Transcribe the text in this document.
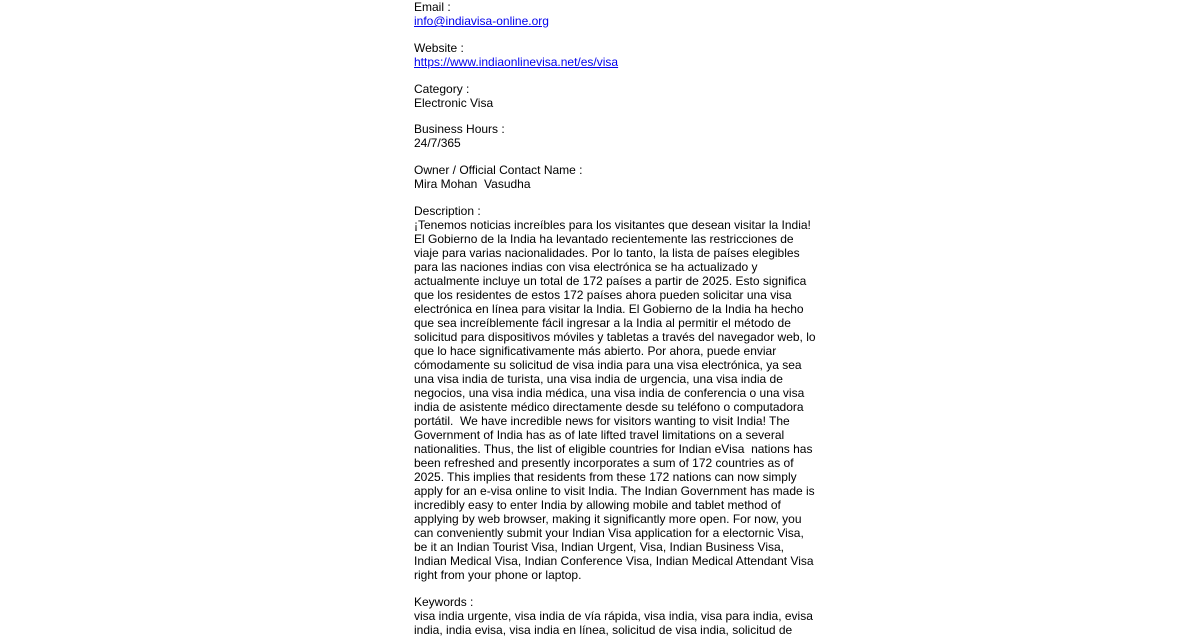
Email :
info@indiavisa-online.org
Website :
https://www.indiaonlinevisa.net/es/visa
Category :
Electronic Visa
Business Hours :
24/7/365
Owner / Official Contact Name :
Mira Mohan  Vasudha
Description :
¡Tenemos noticias increíbles para los visitantes que desean visitar la India!
El Gobierno de la India ha levantado recientemente las restricciones de
viaje para varias nacionalidades. Por lo tanto, la lista de países elegibles
para las naciones indias con visa electrónica se ha actualizado y
actualmente incluye un total de 172 países a partir de 2025. Esto significa
que los residentes de estos 172 países ahora pueden solicitar una visa
electrónica en línea para visitar la India. El Gobierno de la India ha hecho
que sea increíblemente fácil ingresar a la India al permitir el método de
solicitud para dispositivos móviles y tabletas a través del navegador web, lo
que lo hace significativamente más abierto. Por ahora, puede enviar
cómodamente su solicitud de visa india para una visa electrónica, ya sea
una visa india de turista, una visa india de urgencia, una visa india de
negocios, una visa india médica, una visa india de conferencia o una visa
india de asistente médico directamente desde su teléfono o computadora
portátil.  We have incredible news for visitors wanting to visit India! The
Government of India has as of late lifted travel limitations on a several
nationalities. Thus, the list of eligible countries for Indian eVisa  nations has
been refreshed and presently incorporates a sum of 172 countries as of
2025. This implies that residents from these 172 nations can now simply
apply for an e-visa online to visit India. The Indian Government has made is
incredibly easy to enter India by allowing mobile and tablet method of
applying by web browser, making it significantly more open. For now, you
can conveniently submit your Indian Visa application for a electornic Visa,
be it an Indian Tourist Visa, Indian Urgent, Visa, Indian Business Visa,
Indian Medical Visa, Indian Conference Visa, Indian Medical Attendant Visa
right from your phone or laptop.
Keywords :
visa india urgente, visa india de vía rápida, visa india, visa para india, evisa
india, india evisa, visa india en línea, solicitud de visa india, solicitud de
